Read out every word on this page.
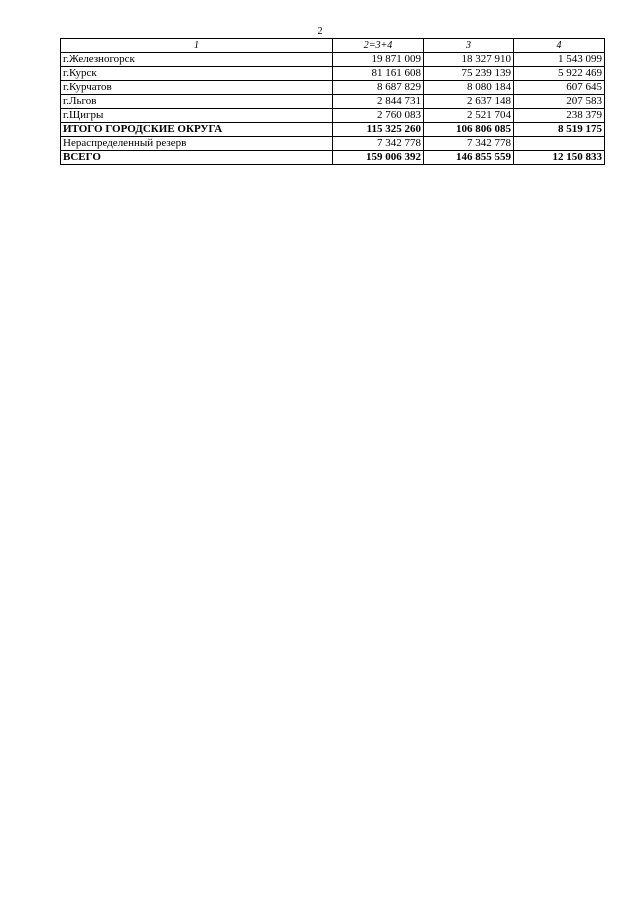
2
1	2=3+4	3	4
г.Железногорск	19 871 009	18 327 910	1 543 099
г.Курск	81 161 608	75 239 139	5 922 469
г.Курчатов	8 687 829	8 080 184	607 645
г.Льгов	2 844 731	2 637 148	207 583
г.Щигры	2 760 083	2 521 704	238 379
ИТОГО ГОРОДСКИЕ ОКРУГА	115 325 260	106 806 085	8 519 175
Нераспределенный резерв	7 342 778	7 342 778	
ВСЕГО	159 006 392	146 855 559	12 150 833
